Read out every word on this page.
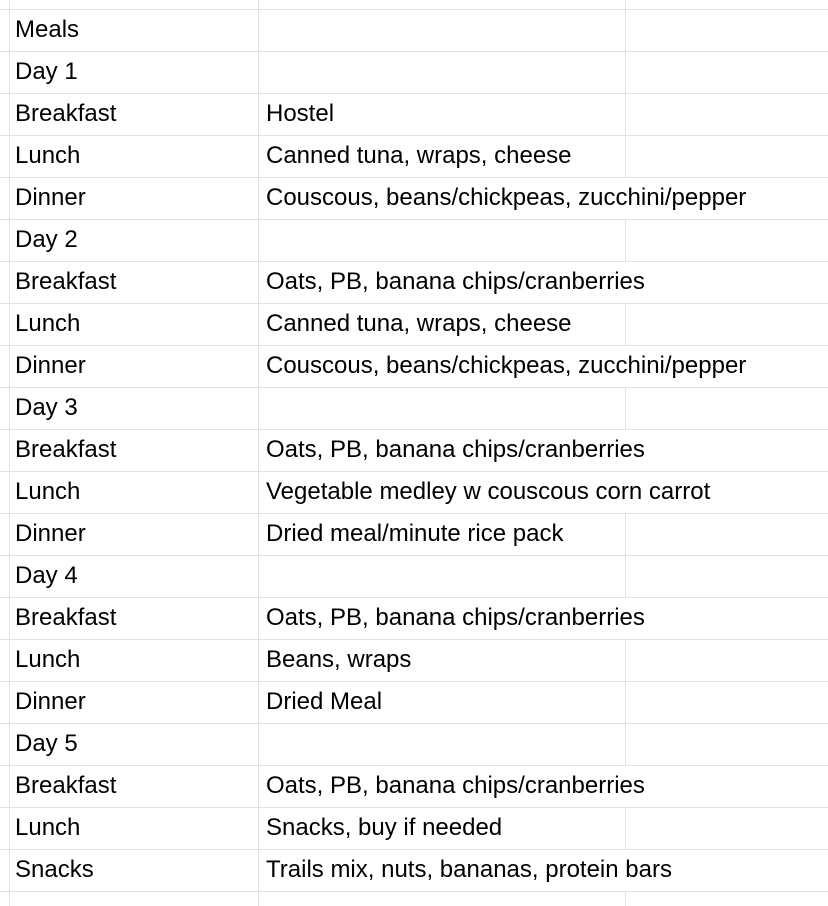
Meals
Day 1
Breakfast	Hostel
Lunch	Canned tuna, wraps, cheese
Dinner	Couscous, beans/chickpeas, zucchini/pepper
Day 2
Breakfast	Oats, PB, banana chips/cranberries
Lunch	Canned tuna, wraps, cheese
Dinner	Couscous, beans/chickpeas, zucchini/pepper
Day 3
Breakfast	Oats, PB, banana chips/cranberries
Lunch	Vegetable medley w couscous corn carrot
Dinner	Dried meal/minute rice pack
Day 4
Breakfast	Oats, PB, banana chips/cranberries
Lunch	Beans, wraps
Dinner	Dried Meal
Day 5
Breakfast	Oats, PB, banana chips/cranberries
Lunch	Snacks, buy if needed
Snacks	Trails mix, nuts, bananas, protein bars
